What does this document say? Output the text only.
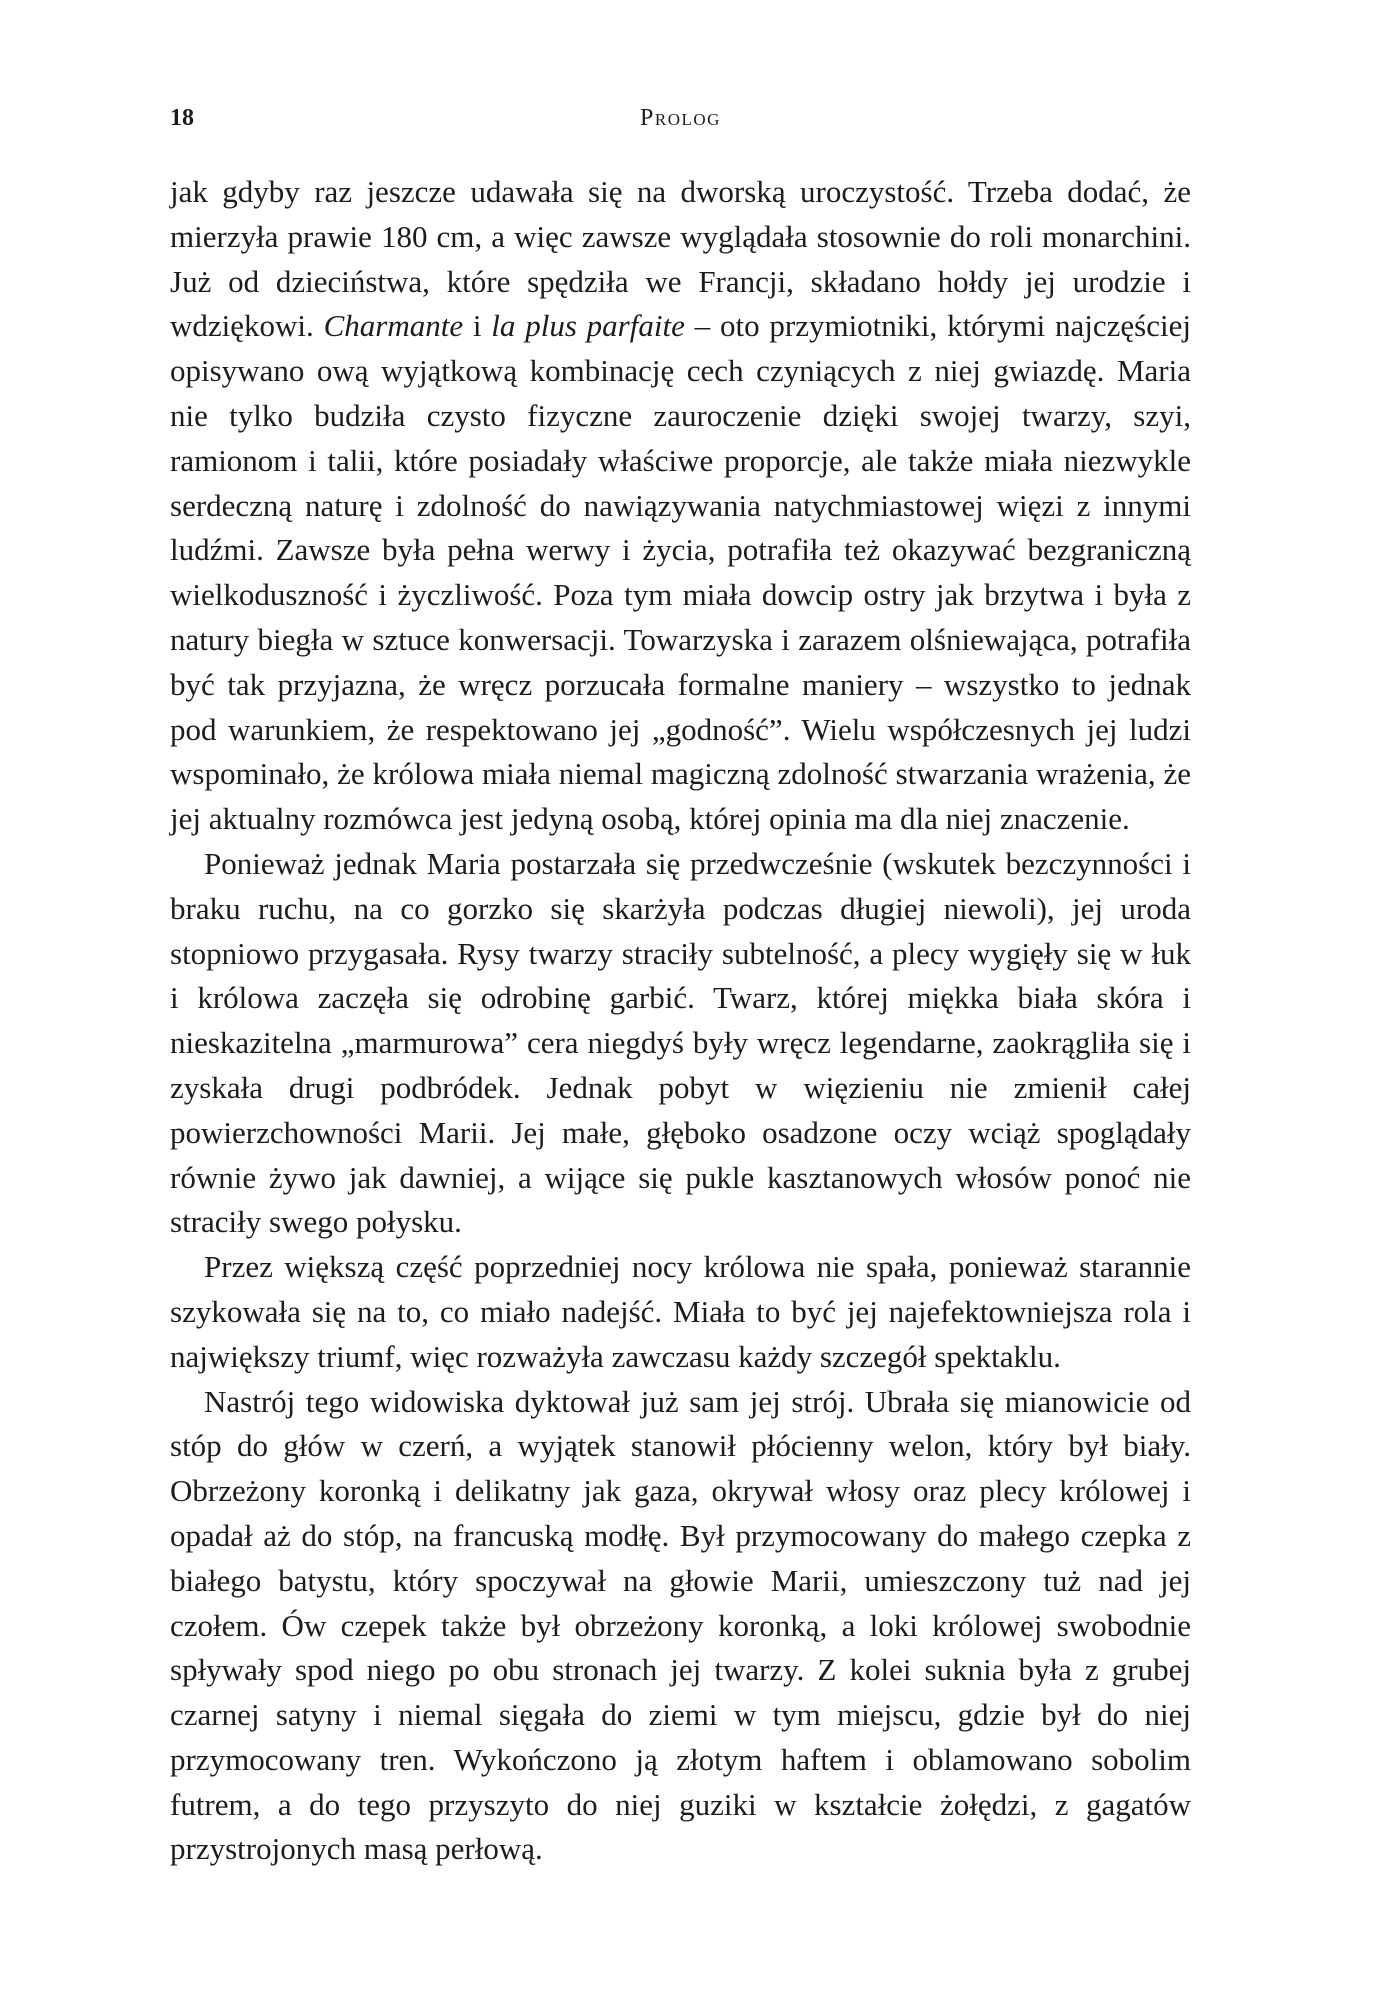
18	Prolog

jak gdyby raz jeszcze udawała się na dworską uroczystość. Trzeba dodać, że mierzyła prawie 180 cm, a więc zawsze wyglądała stosownie do roli monarchini. Już od dzieciństwa, które spędziła we Francji, składano hołdy jej urodzie i wdziękowi. Charmante i la plus parfaite – oto przymiotniki, którymi najczęściej opisywano ową wyjątkową kombinację cech czyniących z niej gwiazdę. Maria nie tylko budziła czysto fizyczne zauroczenie dzięki swojej twarzy, szyi, ramionom i talii, które posiadały właściwe proporcje, ale także miała niezwykle serdeczną naturę i zdolność do nawiązywania natychmiastowej więzi z innymi ludźmi. Zawsze była pełna werwy i życia, potrafiła też okazywać bezgraniczną wielkoduszność i życzliwość. Poza tym miała dowcip ostry jak brzytwa i była z natury biegła w sztuce konwersacji. Towarzyska i zarazem olśniewająca, potrafiła być tak przyjazna, że wręcz porzucała formalne maniery – wszystko to jednak pod warunkiem, że respektowano jej „godność”. Wielu współczesnych jej ludzi wspominało, że królowa miała niemal magiczną zdolność stwarzania wrażenia, że jej aktualny rozmówca jest jedyną osobą, której opinia ma dla niej znaczenie.

Ponieważ jednak Maria postarzała się przedwcześnie (wskutek bezczynności i braku ruchu, na co gorzko się skarżyła podczas długiej niewoli), jej uroda stopniowo przygasała. Rysy twarzy straciły subtelność, a plecy wygięły się w łuk i królowa zaczęła się odrobinę garbić. Twarz, której miękka biała skóra i nieskazitelna „marmurowa” cera niegdyś były wręcz legendarne, zaokrągliła się i zyskała drugi podbródek. Jednak pobyt w więzieniu nie zmienił całej powierzchowności Marii. Jej małe, głęboko osadzone oczy wciąż spoglądały równie żywo jak dawniej, a wijące się pukle kasztanowych włosów ponoć nie straciły swego połysku.

Przez większą część poprzedniej nocy królowa nie spała, ponieważ starannie szykowała się na to, co miało nadejść. Miała to być jej najefektowniejsza rola i największy triumf, więc rozważyła zawczasu każdy szczegół spektaklu.

Nastrój tego widowiska dyktował już sam jej strój. Ubrała się mianowicie od stóp do głów w czerń, a wyjątek stanowił płócienny welon, który był biały. Obrzeżony koronką i delikatny jak gaza, okrywał włosy oraz plecy królowej i opadał aż do stóp, na francuską modłę. Był przymocowany do małego czepka z białego batystu, który spoczywał na głowie Marii, umieszczony tuż nad jej czołem. Ów czepek także był obrzeżony koronką, a loki królowej swobodnie spływały spod niego po obu stronach jej twarzy. Z kolei suknia była z grubej czarnej satyny i niemal sięgała do ziemi w tym miejscu, gdzie był do niej przymocowany tren. Wykończono ją złotym haftem i oblamowano sobolim futrem, a do tego przyszyto do niej guziki w kształcie żołędzi, z gagatów przystrojonych masą perłową.
